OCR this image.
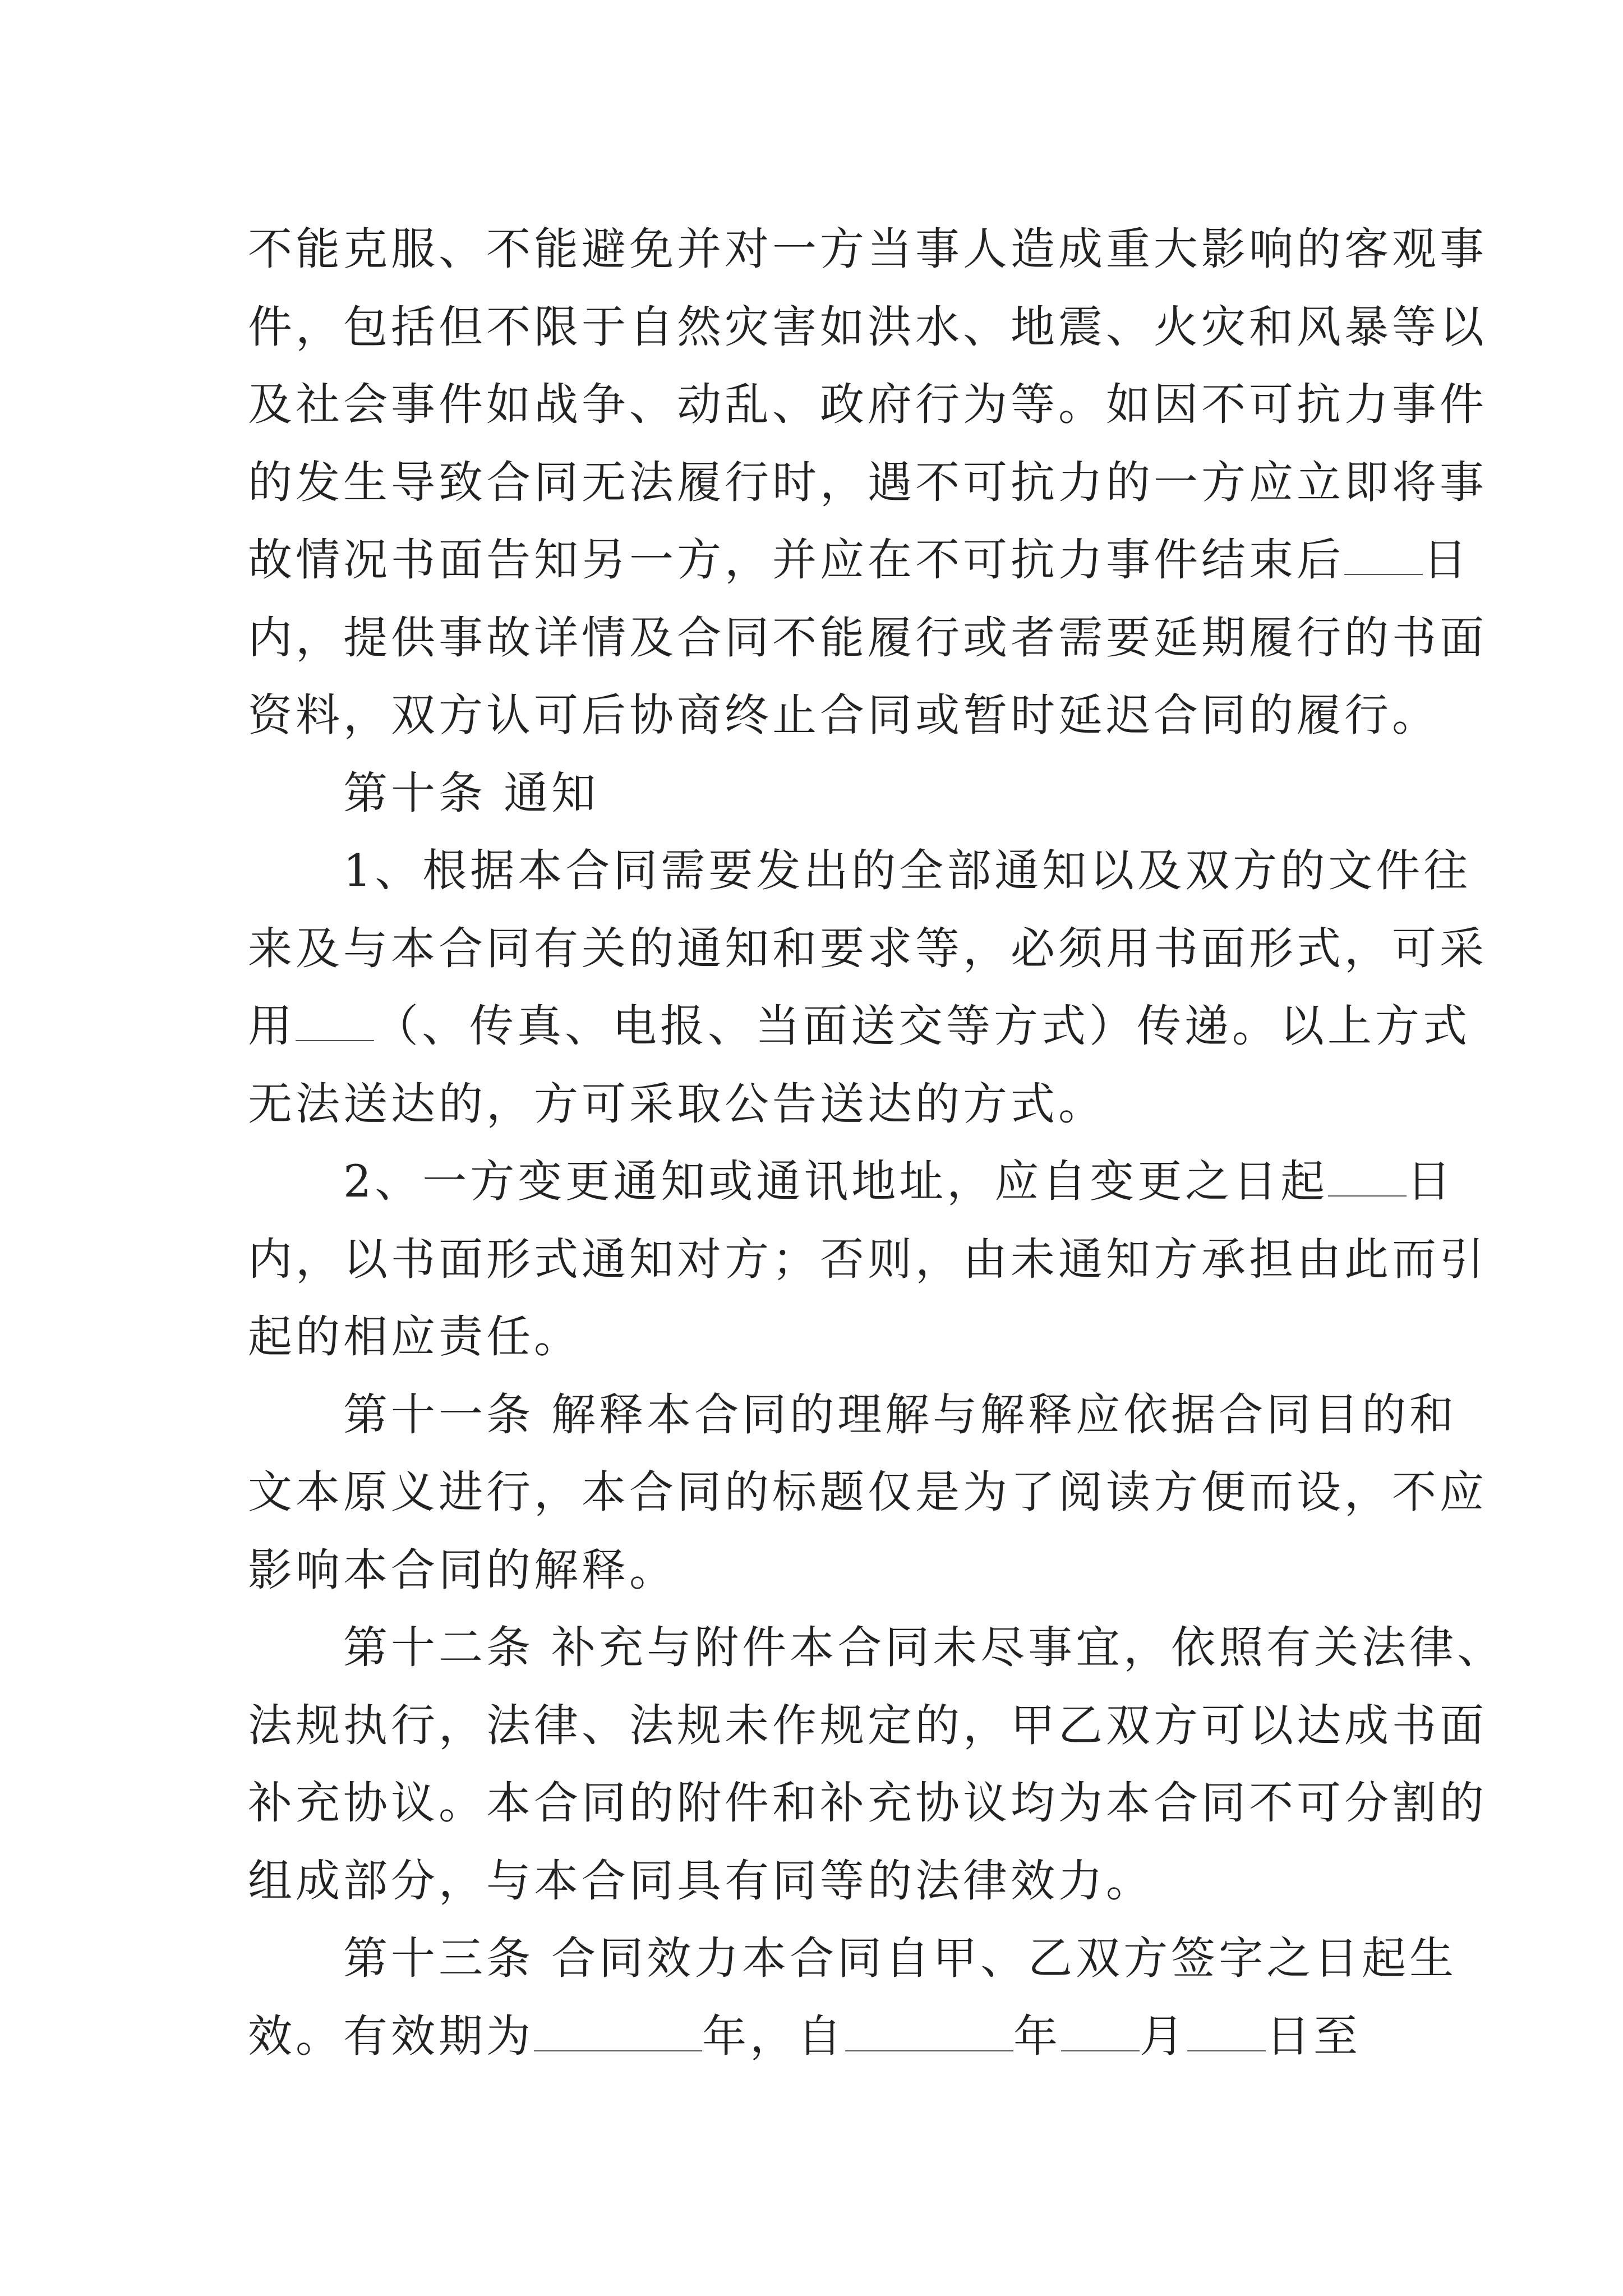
不能克服、不能避免并对一方当事人造成重大影响的客观事
件，包括但不限于自然灾害如洪水、地震、火灾和风暴等以
及社会事件如战争、动乱、政府行为等。如因不可抗力事件
的发生导致合同无法履行时，遇不可抗力的一方应立即将事
故情况书面告知另一方，并应在不可抗力事件结束后 日
内，提供事故详情及合同不能履行或者需要延期履行的书面
资料，双方认可后协商终止合同或暂时延迟合同的履行。
　　第十条 通知
　　1、根据本合同需要发出的全部通知以及双方的文件往
来及与本合同有关的通知和要求等，必须用书面形式，可采
用 （、传真、电报、当面送交等方式）传递。以上方式
无法送达的，方可采取公告送达的方式。
　　2、一方变更通知或通讯地址，应自变更之日起 日
内，以书面形式通知对方；否则，由未通知方承担由此而引
起的相应责任。
　　第十一条 解释本合同的理解与解释应依据合同目的和
文本原义进行，本合同的标题仅是为了阅读方便而设，不应
影响本合同的解释。
　　第十二条 补充与附件本合同未尽事宜，依照有关法律、
法规执行，法律、法规未作规定的，甲乙双方可以达成书面
补充协议。本合同的附件和补充协议均为本合同不可分割的
组成部分，与本合同具有同等的法律效力。
　　第十三条 合同效力本合同自甲、乙双方签字之日起生
效。有效期为	年，自	年 月 日至
